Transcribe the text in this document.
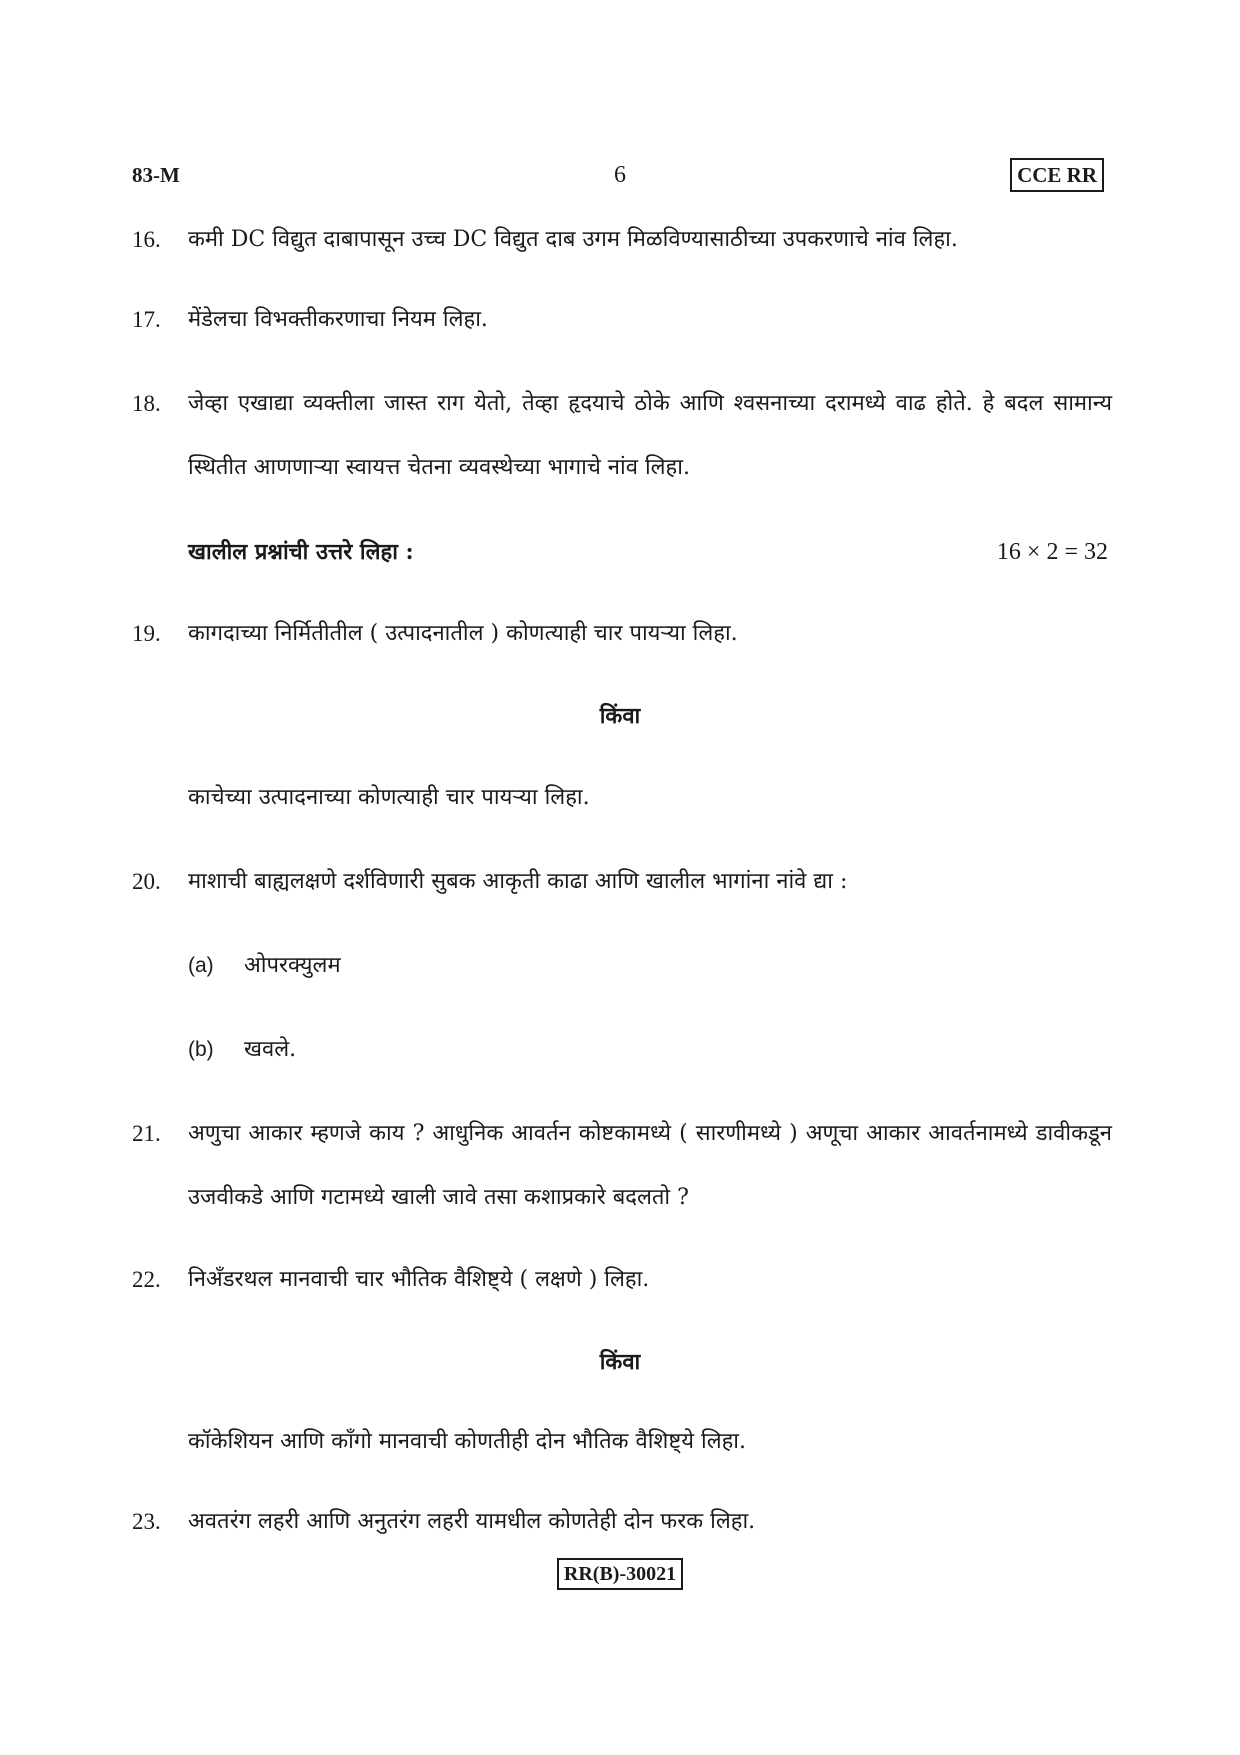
83-M	6	CCE RR
16.	कमी DC विद्युत दाबापासून उच्च DC विद्युत दाब उगम मिळविण्यासाठीच्या उपकरणाचे नांव लिहा.
17.	मेंडेलचा विभक्तीकरणाचा नियम लिहा.
18.	जेव्हा एखाद्या व्यक्तीला जास्त राग येतो, तेव्हा हृदयाचे ठोके आणि श्वसनाच्या दरामध्ये वाढ होते. हे बदल सामान्य स्थितीत आणणाऱ्या स्वायत्त चेतना व्यवस्थेच्या भागाचे नांव लिहा.
खालील प्रश्नांची उत्तरे लिहा :	16 × 2 = 32
19.	कागदाच्या निर्मितीतील ( उत्पादनातील ) कोणत्याही चार पायऱ्या लिहा.
किंवा
काचेच्या उत्पादनाच्या कोणत्याही चार पायऱ्या लिहा.
20.	माशाची बाह्यलक्षणे दर्शविणारी सुबक आकृती काढा आणि खालील भागांना नांवे द्या :
(a) ओपरक्युलम
(b) खवले.
21.	अणुचा आकार म्हणजे काय ? आधुनिक आवर्तन कोष्टकामध्ये ( सारणीमध्ये ) अणूचा आकार आवर्तनामध्ये डावीकडून उजवीकडे आणि गटामध्ये खाली जावे तसा कशाप्रकारे बदलतो ?
22.	निॲंडरथल मानवाची चार भौतिक वैशिष्ट्ये ( लक्षणे ) लिहा.
किंवा
कॉकेशियन आणि काँगो मानवाची कोणतीही दोन भौतिक वैशिष्ट्ये लिहा.
23.	अवतरंग लहरी आणि अनुतरंग लहरी यामधील कोणतेही दोन फरक लिहा.
RR(B)-30021
